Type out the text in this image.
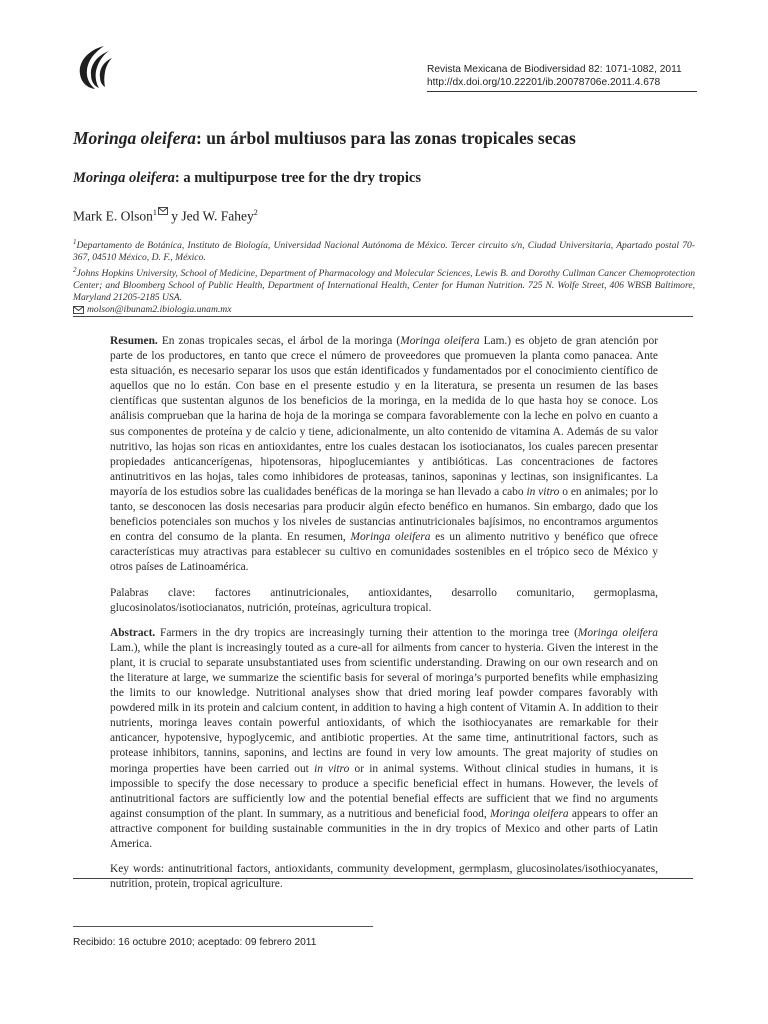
Revista Mexicana de Biodiversidad 82: 1071-1082, 2011
http://dx.doi.org/10.22201/ib.20078706e.2011.4.678
Moringa oleifera: un árbol multiusos para las zonas tropicales secas
Moringa oleifera: a multipurpose tree for the dry tropics
Mark E. Olson$^1$ y Jed W. Fahey$^2$

$^1$Departamento de Botánica, Instituto de Biología, Universidad Nacional Autónoma de México. Tercer circuito s/n, Ciudad Universitaria, Apartado postal 70-367, 04510 México, D. F., México.

$^2$Johns Hopkins University, School of Medicine, Department of Pharmacology and Molecular Sciences, Lewis B. and Dorothy Cullman Cancer Chemoprotection Center; and Bloomberg School of Public Health, Department of International Health, Center for Human Nutrition. 725 N. Wolfe Street, 406 WBSB Baltimore, Maryland 21205-2185 USA.

molson@ibunam2.ibiologia.unam.mx

Resumen. En zonas tropicales secas, el árbol de la moringa (Moringa oleifera Lam.) es objeto de gran atención por parte de los productores, en tanto que crece el número de proveedores que promueven la planta como panacea. Ante esta situación, es necesario separar los usos que están identificados y fundamentados por el conocimiento científico de aquellos que no lo están. Con base en el presente estudio y en la literatura, se presenta un resumen de las bases científicas que sustentan algunos de los beneficios de la moringa, en la medida de lo que hasta hoy se conoce. Los análisis comprueban que la harina de hoja de la moringa se compara favorablemente con la leche en polvo en cuanto a sus componentes de proteína y de calcio y tiene, adicionalmente, un alto contenido de vitamina A. Además de su valor nutritivo, las hojas son ricas en antioxidantes, entre los cuales destacan los isotiocianatos, los cuales parecen presentar propiedades anticancerígenas, hipotensoras, hipoglucemiantes y antibióticas. Las concentraciones de factores antinutritivos en las hojas, tales como inhibidores de proteasas, taninos, saponinas y lectinas, son insignificantes. La mayoría de los estudios sobre las cualidades benéficas de la moringa se han llevado a cabo in vitro o en animales; por lo tanto, se desconocen las dosis necesarias para producir algún efecto benéfico en humanos. Sin embargo, dado que los beneficios potenciales son muchos y los niveles de sustancias antinutricionales bajísimos, no encontramos argumentos en contra del consumo de la planta. En resumen, Moringa oleifera es un alimento nutritivo y benéfico que ofrece características muy atractivas para establecer su cultivo en comunidades sostenibles en el trópico seco de México y otros países de Latinoamérica.

Palabras clave: factores antinutricionales, antioxidantes, desarrollo comunitario, germoplasma, glucosinolatos/isotiocianatos, nutrición, proteínas, agricultura tropical.

Abstract. Farmers in the dry tropics are increasingly turning their attention to the moringa tree (Moringa oleifera Lam.), while the plant is increasingly touted as a cure-all for ailments from cancer to hysteria. Given the interest in the plant, it is crucial to separate unsubstantiated uses from scientific understanding. Drawing on our own research and on the literature at large, we summarize the scientific basis for several of moringa’s purported benefits while emphasizing the limits to our knowledge. Nutritional analyses show that dried moring leaf powder compares favorably with powdered milk in its protein and calcium content, in addition to having a high content of Vitamin A. In addition to their nutrients, moringa leaves contain powerful antioxidants, of which the isothiocyanates are remarkable for their anticancer, hypotensive, hypoglycemic, and antibiotic properties. At the same time, antinutritional factors, such as protease inhibitors, tannins, saponins, and lectins are found in very low amounts. The great majority of studies on moringa properties have been carried out in vitro or in animal systems. Without clinical studies in humans, it is impossible to specify the dose necessary to produce a specific beneficial effect in humans. However, the levels of antinutritional factors are sufficiently low and the potential benefial effects are sufficient that we find no arguments against consumption of the plant. In summary, as a nutritious and beneficial food, Moringa oleifera appears to offer an attractive component for building sustainable communities in the in dry tropics of Mexico and other parts of Latin America.

Key words: antinutritional factors, antioxidants, community development, germplasm, glucosinolates/isothiocyanates, nutrition, protein, tropical agriculture.

Recibido: 16 octubre 2010; aceptado: 09 febrero 2011
